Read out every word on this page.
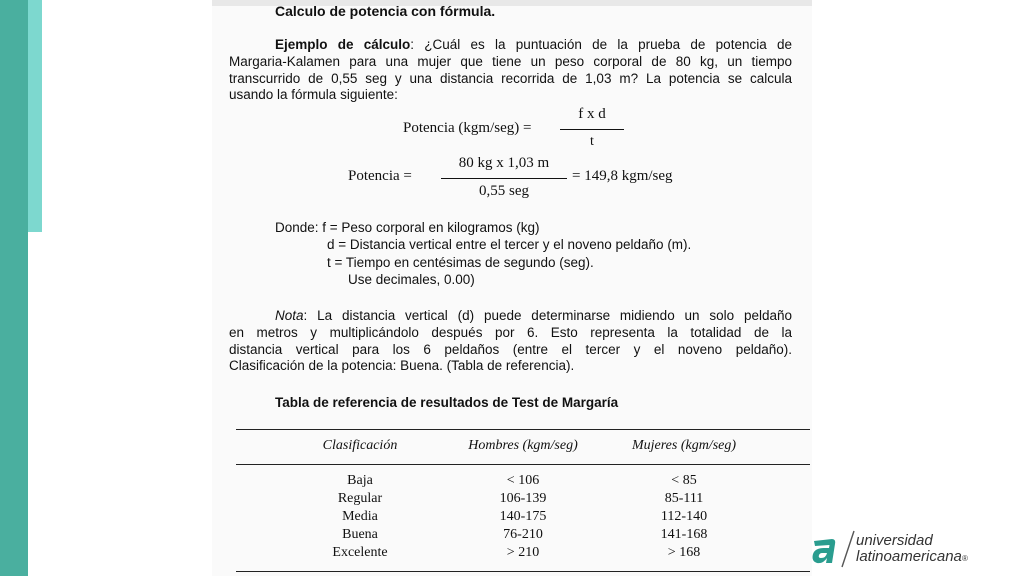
Calculo de potencia con fórmula.
Ejemplo de cálculo: ¿Cuál es la puntuación de la prueba de potencia de
Margaria-Kalamen para una mujer que tiene un peso corporal de 80 kg, un tiempo
transcurrido de 0,55 seg y una distancia recorrida de 1,03 m? La potencia se calcula
usando la fórmula siguiente:
Potencia (kgm/seg) =
f x d
t
Potencia =
80 kg x 1,03 m
0,55 seg
= 149,8 kgm/seg
Donde: f = Peso corporal en kilogramos (kg)
d = Distancia vertical entre el tercer y el noveno peldaño (m).
t = Tiempo en centésimas de segundo (seg).
Use decimales, 0.00)
Nota: La distancia vertical (d) puede determinarse midiendo un solo peldaño
en metros y multiplicándolo después por 6. Esto representa la totalidad de la
distancia vertical para los 6 peldaños (entre el tercer y el noveno peldaño).
Clasificación de la potencia: Buena. (Tabla de referencia).
Tabla de referencia de resultados de Test de Margaría
Clasificación	Hombres (kgm/seg)	Mujeres (kgm/seg)
Baja	< 106	< 85
Regular	106-139	85-111
Media	140-175	112-140
Buena	76-210	141-168
Excelente	> 210	> 168
universidad
latinoamericana®
